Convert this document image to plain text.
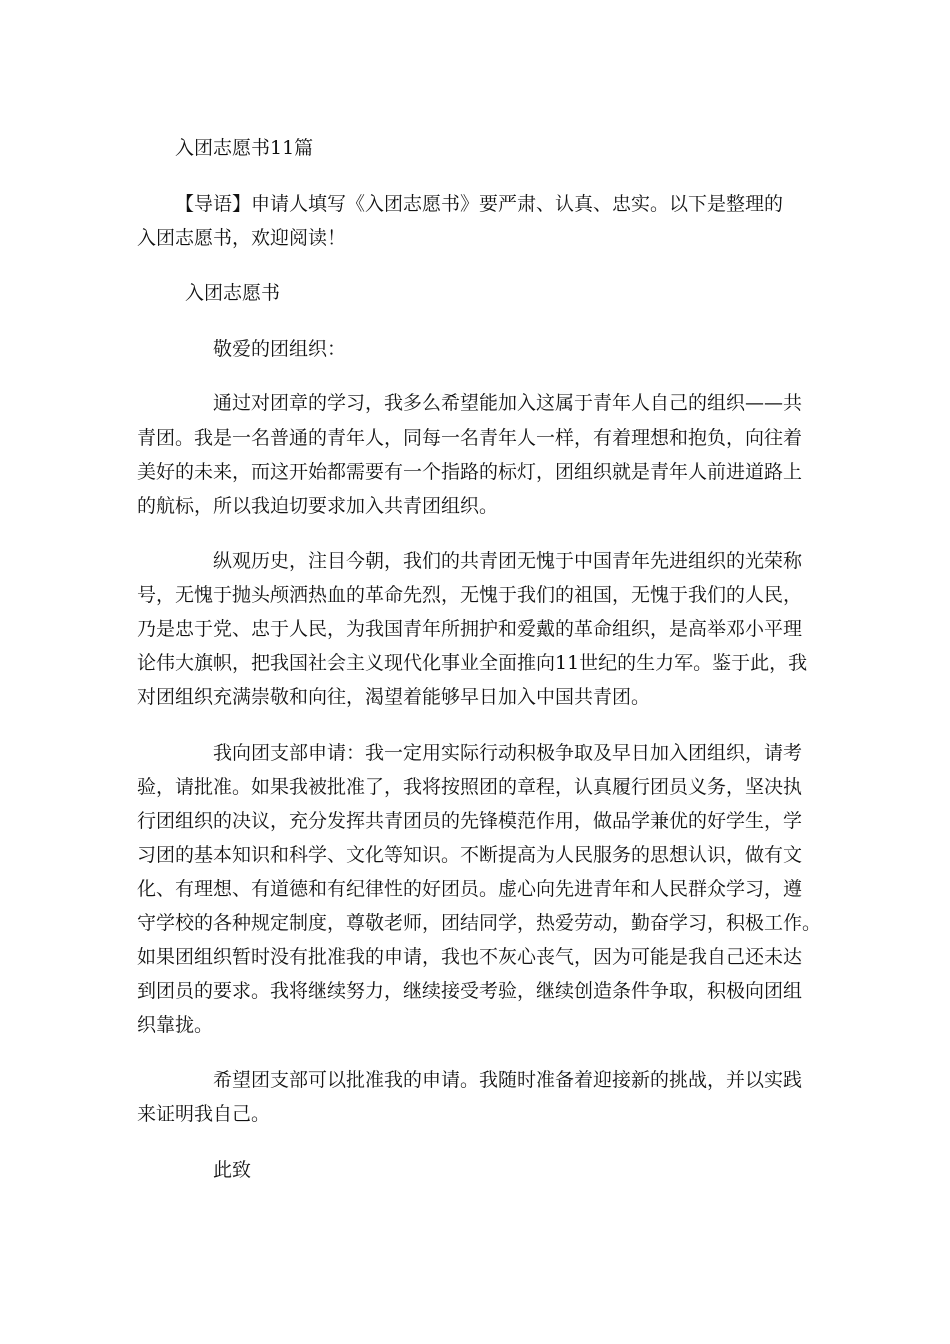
入团志愿书11篇
【导语】申请人填写《入团志愿书》要严肃、认真、忠实。以下是整理的
入团志愿书，欢迎阅读！
入团志愿书
敬爱的团组织：
通过对团章的学习，我多么希望能加入这属于青年人自己的组织——共
青团。我是一名普通的青年人，同每一名青年人一样，有着理想和抱负，向往着
美好的未来，而这开始都需要有一个指路的标灯，团组织就是青年人前进道路上
的航标，所以我迫切要求加入共青团组织。
纵观历史，注目今朝，我们的共青团无愧于中国青年先进组织的光荣称
号，无愧于抛头颅洒热血的革命先烈，无愧于我们的祖国，无愧于我们的人民，
乃是忠于党、忠于人民，为我国青年所拥护和爱戴的革命组织，是高举邓小平理
论伟大旗帜，把我国社会主义现代化事业全面推向11世纪的生力军。鉴于此，我
对团组织充满崇敬和向往，渴望着能够早日加入中国共青团。
我向团支部申请：我一定用实际行动积极争取及早日加入团组织，请考
验，请批准。如果我被批准了，我将按照团的章程，认真履行团员义务，坚决执
行团组织的决议，充分发挥共青团员的先锋模范作用，做品学兼优的好学生，学
习团的基本知识和科学、文化等知识。不断提高为人民服务的思想认识，做有文
化、有理想、有道德和有纪律性的好团员。虚心向先进青年和人民群众学习，遵
守学校的各种规定制度，尊敬老师，团结同学，热爱劳动，勤奋学习，积极工作。
如果团组织暂时没有批准我的申请，我也不灰心丧气，因为可能是我自己还未达
到团员的要求。我将继续努力，继续接受考验，继续创造条件争取，积极向团组
织靠拢。
希望团支部可以批准我的申请。我随时准备着迎接新的挑战，并以实践
来证明我自己。
此致
